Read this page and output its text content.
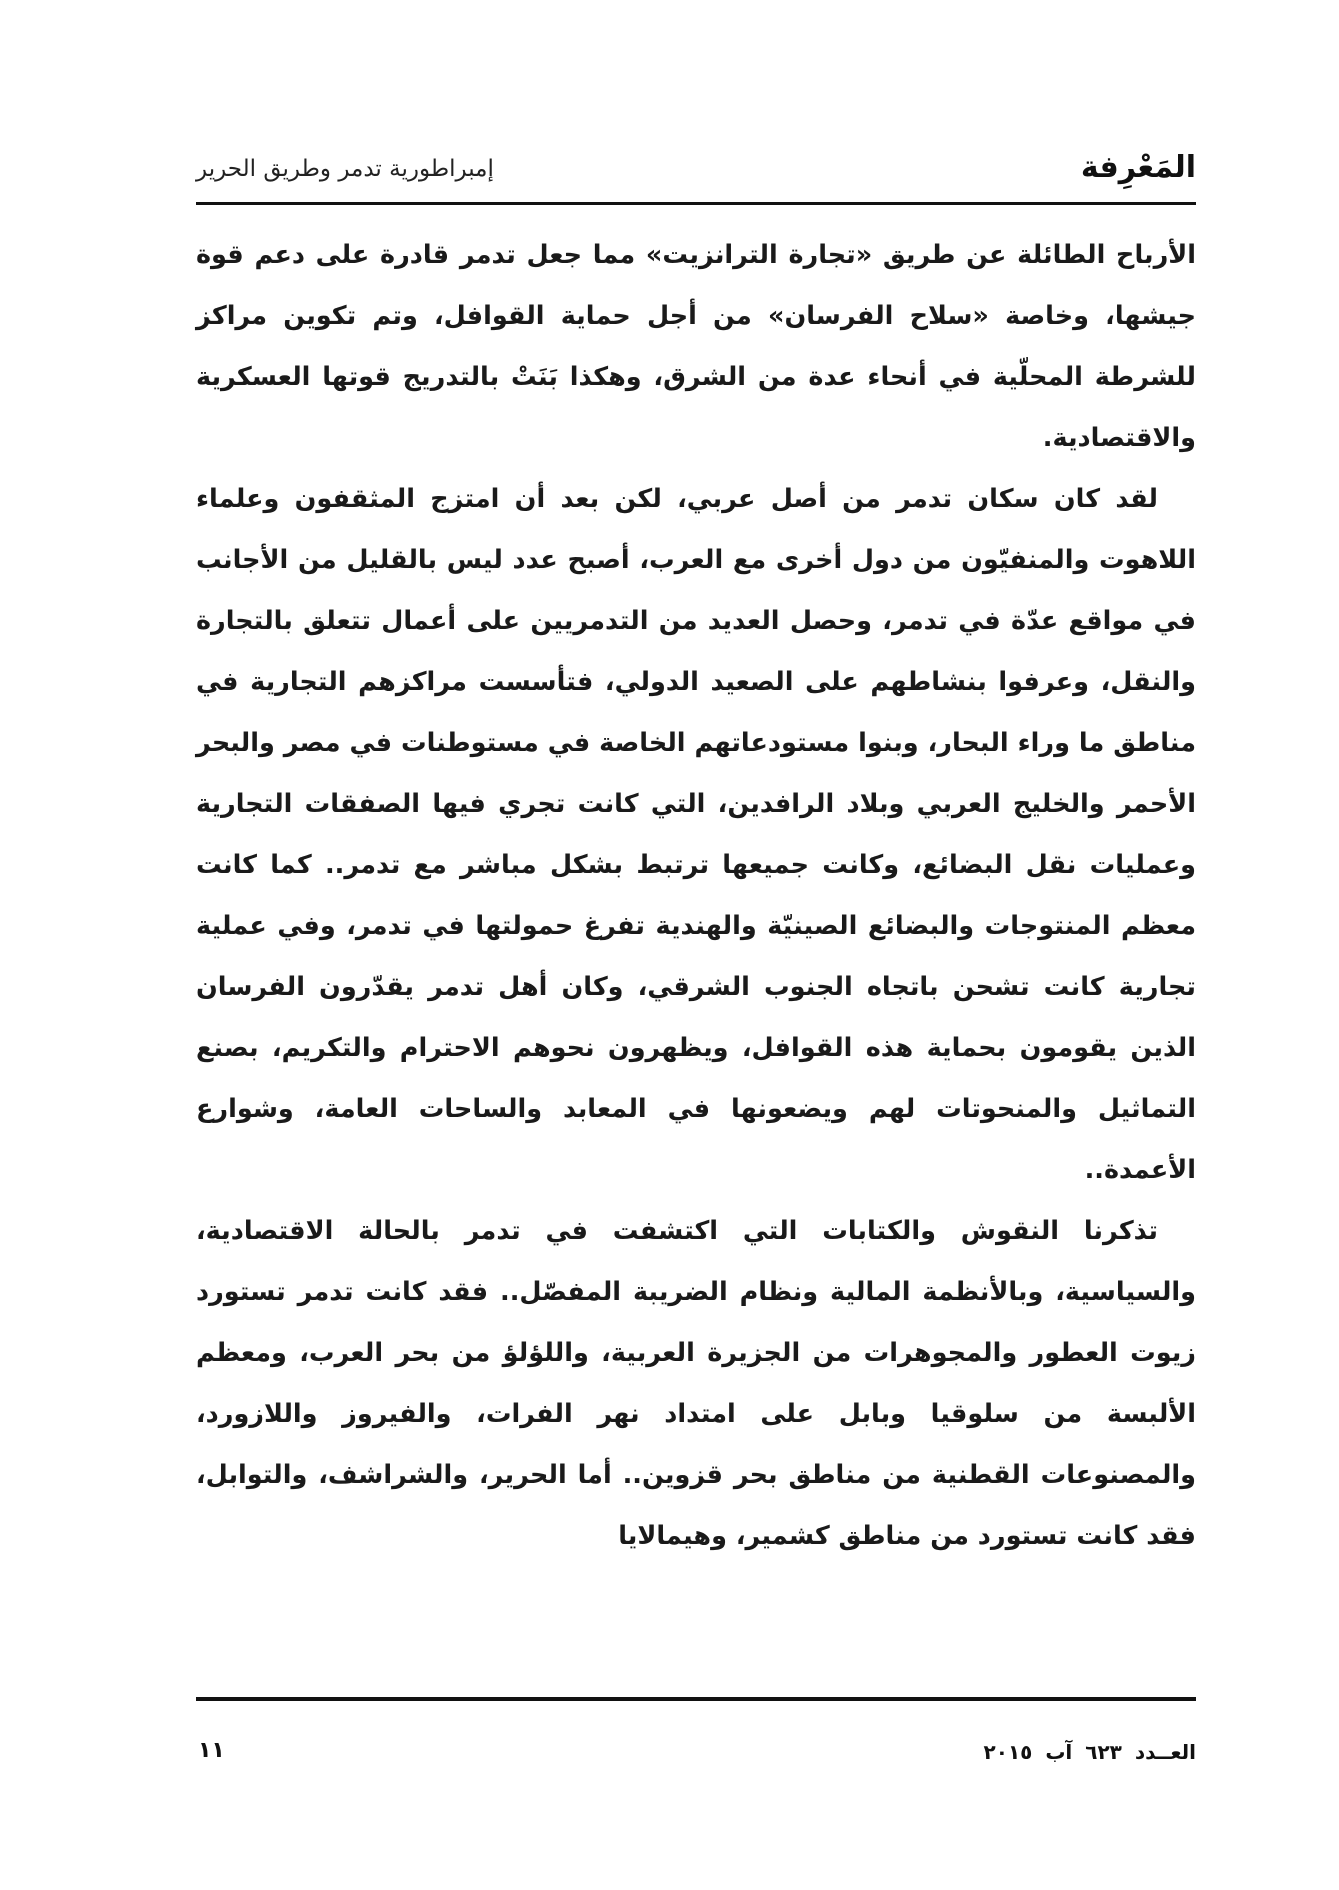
إمبراطورية تدمر وطريق الحرير	المَعْرِفة

الأرباح الطائلة عن طريق «تجارة الترانزيت» مما جعل تدمر قادرة على دعم قوة جيشها، وخاصة «سلاح الفرسان» من أجل حماية القوافل، وتم تكوين مراكز للشرطة المحلّية في أنحاء عدة من الشرق، وهكذا بَنَتْ بالتدريج قوتها العسكرية والاقتصادية.

لقد كان سكان تدمر من أصل عربي، لكن بعد أن امتزج المثقفون وعلماء اللاهوت والمنفيّون من دول أخرى مع العرب، أصبح عدد ليس بالقليل من الأجانب في مواقع عدّة في تدمر، وحصل العديد من التدمريين على أعمال تتعلق بالتجارة والنقل، وعرفوا بنشاطهم على الصعيد الدولي، فتأسست مراكزهم التجارية في مناطق ما وراء البحار، وبنوا مستودعاتهم الخاصة في مستوطنات في مصر والبحر الأحمر والخليج العربي وبلاد الرافدين، التي كانت تجري فيها الصفقات التجارية وعمليات نقل البضائع، وكانت جميعها ترتبط بشكل مباشر مع تدمر.. كما كانت معظم المنتوجات والبضائع الصينيّة والهندية تفرغ حمولتها في تدمر، وفي عملية تجارية كانت تشحن باتجاه الجنوب الشرقي، وكان أهل تدمر يقدّرون الفرسان الذين يقومون بحماية هذه القوافل، ويظهرون نحوهم الاحترام والتكريم، بصنع التماثيل والمنحوتات لهم ويضعونها في المعابد والساحات العامة، وشوارع الأعمدة..

تذكرنا النقوش والكتابات التي اكتشفت في تدمر بالحالة الاقتصادية، والسياسية، وبالأنظمة المالية ونظام الضريبة المفصّل.. فقد كانت تدمر تستورد زيوت العطور والمجوهرات من الجزيرة العربية، واللؤلؤ من بحر العرب، ومعظم الألبسة من سلوقيا وبابل على امتداد نهر الفرات، والفيروز واللازورد، والمصنوعات القطنية من مناطق بحر قزوين.. أما الحرير، والشراشف، والتوابل، فقد كانت تستورد من مناطق كشمير، وهيمالايا

العــدد ٦٢٣ آب ٢٠١٥
١١
